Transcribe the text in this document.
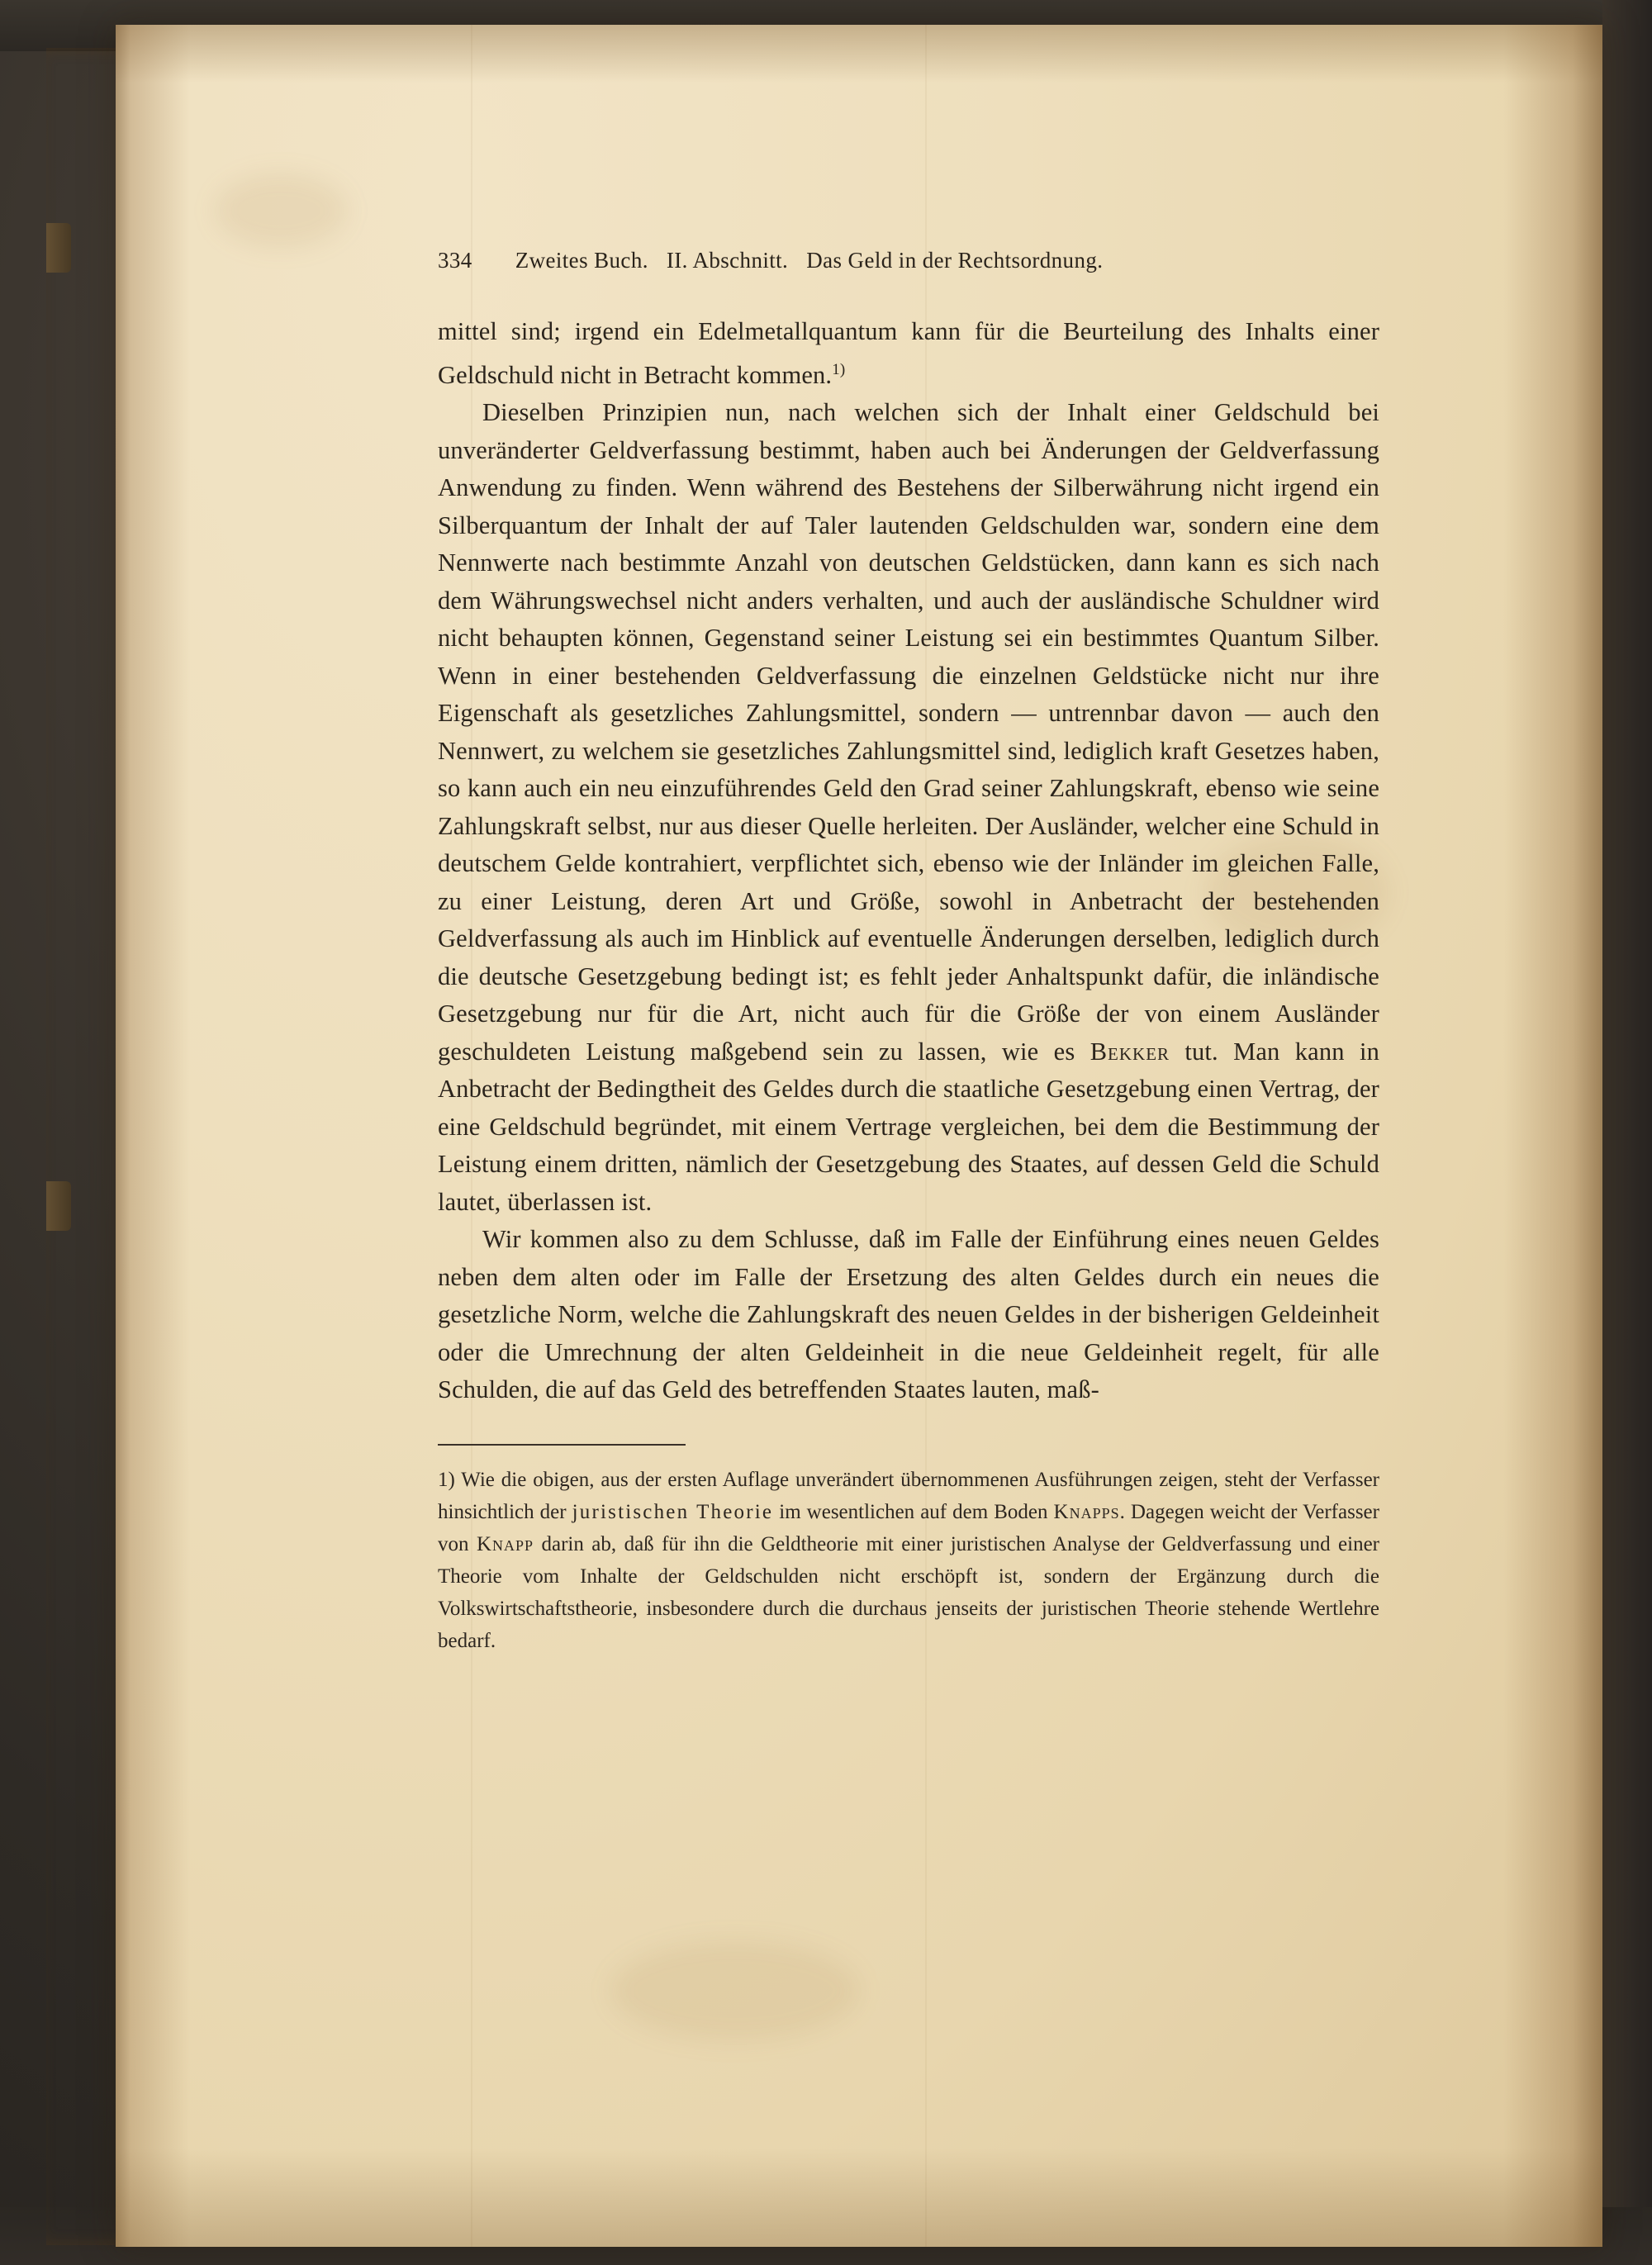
334 Zweites Buch. II. Abschnitt. Das Geld in der Rechtsordnung.

mittel sind; irgend ein Edelmetallquantum kann für die Beurteilung des Inhalts einer Geldschuld nicht in Betracht kommen.$^{1)}$

Dieselben Prinzipien nun, nach welchen sich der Inhalt einer Geldschuld bei unveränderter Geldverfassung bestimmt, haben auch bei Änderungen der Geldverfassung Anwendung zu finden. Wenn während des Bestehens der Silberwährung nicht irgend ein Silberquantum der Inhalt der auf Taler lautenden Geldschulden war, sondern eine dem Nennwerte nach bestimmte Anzahl von deutschen Geldstücken, dann kann es sich nach dem Währungswechsel nicht anders verhalten, und auch der ausländische Schuldner wird nicht behaupten können, Gegenstand seiner Leistung sei ein bestimmtes Quantum Silber. Wenn in einer bestehenden Geldverfassung die einzelnen Geldstücke nicht nur ihre Eigenschaft als gesetzliches Zahlungsmittel, sondern — untrennbar davon — auch den Nennwert, zu welchem sie gesetzliches Zahlungsmittel sind, lediglich kraft Gesetzes haben, so kann auch ein neu einzuführendes Geld den Grad seiner Zahlungskraft, ebenso wie seine Zahlungskraft selbst, nur aus dieser Quelle herleiten. Der Ausländer, welcher eine Schuld in deutschem Gelde kontrahiert, verpflichtet sich, ebenso wie der Inländer im gleichen Falle, zu einer Leistung, deren Art und Größe, sowohl in Anbetracht der bestehenden Geldverfassung als auch im Hinblick auf eventuelle Änderungen derselben, lediglich durch die deutsche Gesetzgebung bedingt ist; es fehlt jeder Anhaltspunkt dafür, die inländische Gesetzgebung nur für die Art, nicht auch für die Größe der von einem Ausländer geschuldeten Leistung maßgebend sein zu lassen, wie es Bekker tut. Man kann in Anbetracht der Bedingtheit des Geldes durch die staatliche Gesetzgebung einen Vertrag, der eine Geldschuld begründet, mit einem Vertrage vergleichen, bei dem die Bestimmung der Leistung einem dritten, nämlich der Gesetzgebung des Staates, auf dessen Geld die Schuld lautet, überlassen ist.

Wir kommen also zu dem Schlusse, daß im Falle der Einführung eines neuen Geldes neben dem alten oder im Falle der Ersetzung des alten Geldes durch ein neues die gesetzliche Norm, welche die Zahlungskraft des neuen Geldes in der bisherigen Geldeinheit oder die Umrechnung der alten Geldeinheit in die neue Geldeinheit regelt, für alle Schulden, die auf das Geld des betreffenden Staates lauten, maß-

1) Wie die obigen, aus der ersten Auflage unverändert übernommenen Ausführungen zeigen, steht der Verfasser hinsichtlich der juristischen Theorie im wesentlichen auf dem Boden Knapps. Dagegen weicht der Verfasser von Knapp darin ab, daß für ihn die Geldtheorie mit einer juristischen Analyse der Geldverfassung und einer Theorie vom Inhalte der Geldschulden nicht erschöpft ist, sondern der Ergänzung durch die Volkswirtschaftstheorie, insbesondere durch die durchaus jenseits der juristischen Theorie stehende Wertlehre bedarf.
